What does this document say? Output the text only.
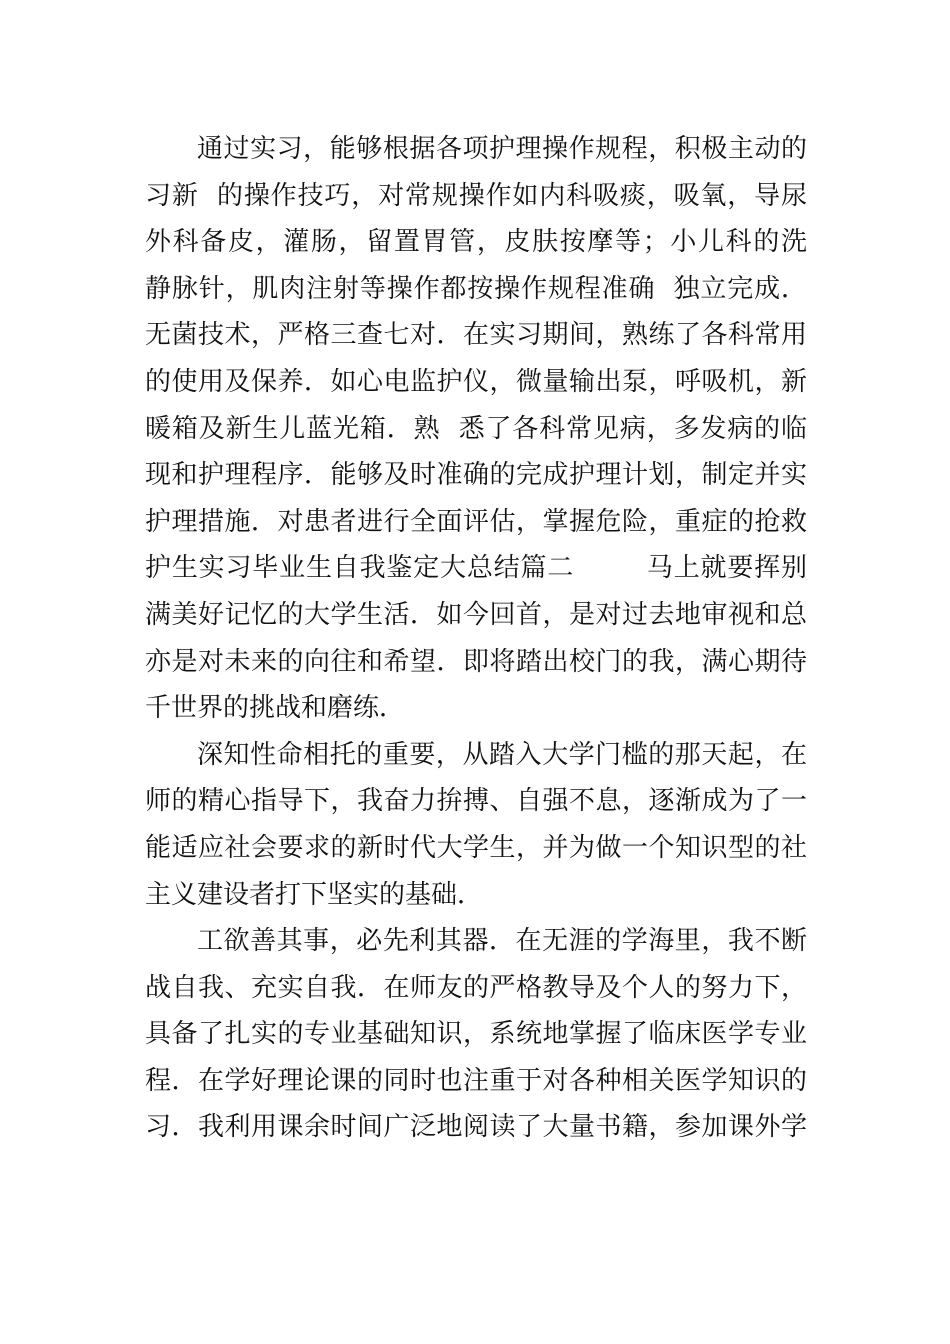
通过实习，能够根据各项护理操作规程，积极主动的
习新  的操作技巧，对常规操作如内科吸痰，吸氧，导尿
外科备皮，灌肠，留置胃管，皮肤按摩等；小儿科的洗
静脉针，肌肉注射等操作都按操作规程准确  独立完成．
无菌技术，严格三查七对．在实习期间，熟练了各科常用
的使用及保养．如心电监护仪，微量输出泵，呼吸机，新
暖箱及新生儿蓝光箱．熟  悉了各科常见病，多发病的临
现和护理程序．能够及时准确的完成护理计划，制定并实
护理措施．对患者进行全面评估，掌握危险，重症的抢救
护生实习毕业生自我鉴定大总结篇二        马上就要挥别
满美好记忆的大学生活．如今回首，是对过去地审视和总
亦是对未来的向往和希望．即将踏出校门的我，满心期待
千世界的挑战和磨练．
深知性命相托的重要，从踏入大学门槛的那天起，在
师的精心指导下，我奋力拚搏、自强不息，逐渐成为了一
能适应社会要求的新时代大学生，并为做一个知识型的社
主义建设者打下坚实的基础．
工欲善其事，必先利其器．在无涯的学海里，我不断
战自我、充实自我．在师友的严格教导及个人的努力下，
具备了扎实的专业基础知识，系统地掌握了临床医学专业
程．在学好理论课的同时也注重于对各种相关医学知识的
习．我利用课余时间广泛地阅读了大量书籍，参加课外学
